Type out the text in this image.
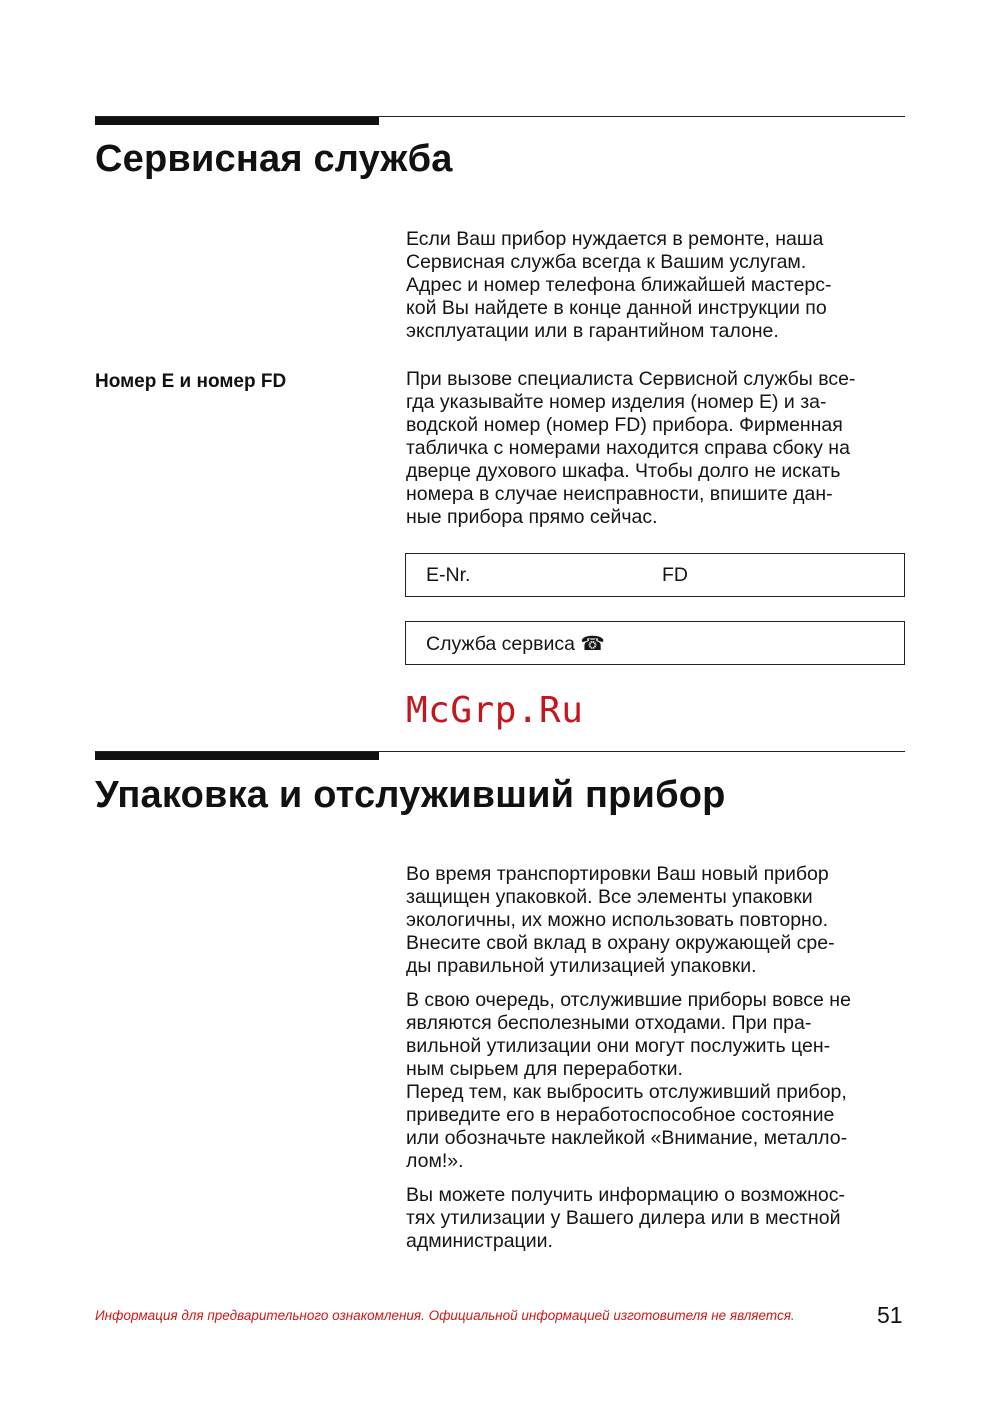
Сервисная служба

Если Ваш прибор нуждается в ремонте, наша
Сервисная служба всегда к Вашим услугам.
Адрес и номер телефона ближайшей мастерс-
кой Вы найдете в конце данной инструкции по
эксплуатации или в гарантийном талоне.

Номер E и номер FD	При вызове специалиста Сервисной службы все-
гда указывайте номер изделия (номер E) и за-
водской номер (номер FD) прибора. Фирменная
табличка с номерами находится справа сбоку на
дверце духового шкафа. Чтобы долго не искать
номера в случае неисправности, впишите дан-
ные прибора прямо сейчас.

E-Nr.	FD
Служба сервиса ☎
McGrp.Ru
Упаковка и отслуживший прибор

Во время транспортировки Ваш новый прибор
защищен упаковкой. Все элементы упаковки
экологичны, их можно использовать повторно.
Внесите свой вклад в охрану окружающей сре-
ды правильной утилизацией упаковки.

В свою очередь, отслужившие приборы вовсе не
являются бесполезными отходами. При пра-
вильной утилизации они могут послужить цен-
ным сырьем для переработки.
Перед тем, как выбросить отслуживший прибор,
приведите его в неработоспособное состояние
или обозначьте наклейкой «Внимание, металло-
лом!».

Вы можете получить информацию о возможнос-
тях утилизации у Вашего дилера или в местной
администрации.

Информация для предварительного ознакомления. Официальной информацией изготовителя не является.	51
